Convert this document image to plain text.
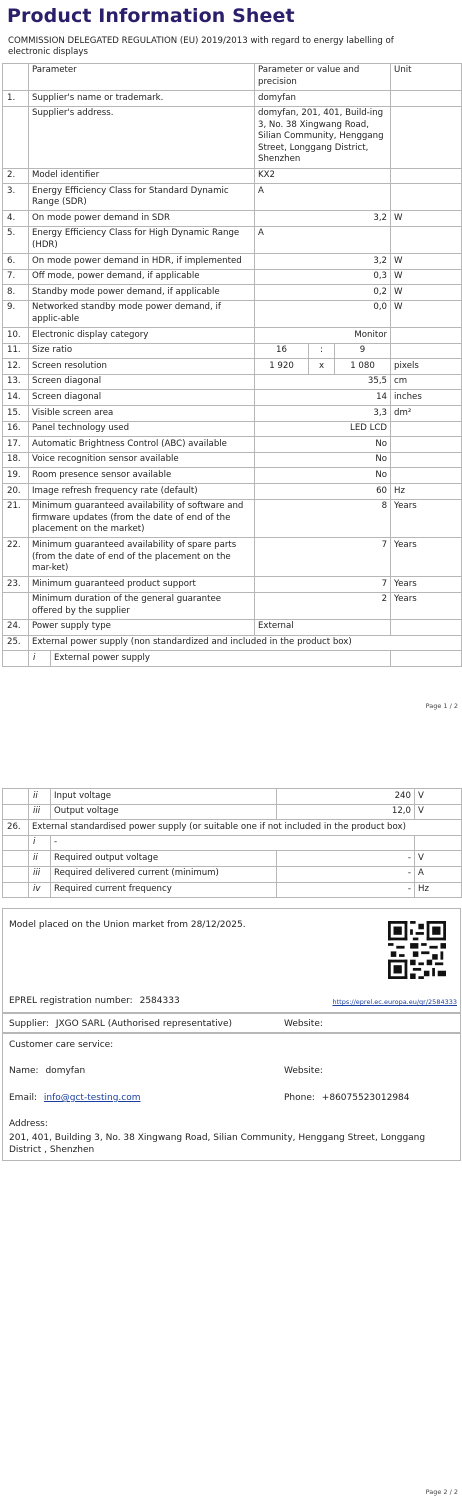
Product Information Sheet
COMMISSION DELEGATED REGULATION (EU) 2019/2013 with regard to energy labelling of electronic displays
	Parameter		Parameter or value and precision			Unit
1.	Supplier's name or trademark.		domyfan			
	Supplier's address.		domyfan, 201, 401, Build-ing 3, No. 38 Xingwang Road, Silian Community, Henggang Street, Longgang District, Shenzhen			
2.	Model identifier		KX2			
3.	Energy Efficiency Class for Standard Dynamic Range (SDR)		A			
4.	On mode power demand in SDR		3,2			W
5.	Energy Efficiency Class for High Dynamic Range (HDR)		A			
6.	On mode power demand in HDR, if implemented		3,2			W
7.	Off mode, power demand, if applicable		0,3			W
8.	Standby mode power demand, if applicable		0,2			W
9.	Networked standby mode power demand, if applic-able		0,0			W
10.	Electronic display category		Monitor			
11.	Size ratio		16	:	9	
12.	Screen resolution		1 920	x	1 080	pixels
13.	Screen diagonal		35,5			cm
14.	Screen diagonal		14			inches
15.	Visible screen area		3,3			dm²
16.	Panel technology used		LED LCD			
17.	Automatic Brightness Control (ABC) available		No			
18.	Voice recognition sensor available		No			
19.	Room presence sensor available		No			
20.	Image refresh frequency rate (default)		60			Hz
21.	Minimum guaranteed availability of software and firmware updates (from the date of end of the placement on the market)		8			Years
22.	Minimum guaranteed availability of spare parts (from the date of end of the placement on the mar-ket)		7			Years
23.	Minimum guaranteed product support		7			Years
	Minimum duration of the general guarantee offered by the supplier		2			Years
24.	Power supply type		External			
25.	External power supply (non standardized and included in the product box)					
	i	External power supply				
Page 1 / 2
	ii	Input voltage	240	V
	iii	Output voltage	12,0	V
26.	External standardised power supply (or suitable one if not included in the product box)			
	i	-		
	ii	Required output voltage	-	V
	iii	Required delivered current (minimum)	-	A
	iv	Required current frequency	-	Hz
Model placed on the Union market from 28/12/2025.
EPREL registration number: 2584333	https://eprel.ec.europa.eu/qr/2584333
Supplier: JXGO SARL (Authorised representative)	Website:
Customer care service:
Name: domyfan	Website:
Email: info@gct-testing.com	Phone: +86075523012984
Address:
201, 401, Building 3, No. 38 Xingwang Road, Silian Community, Henggang Street, Longgang District , Shenzhen
Page 2 / 2
